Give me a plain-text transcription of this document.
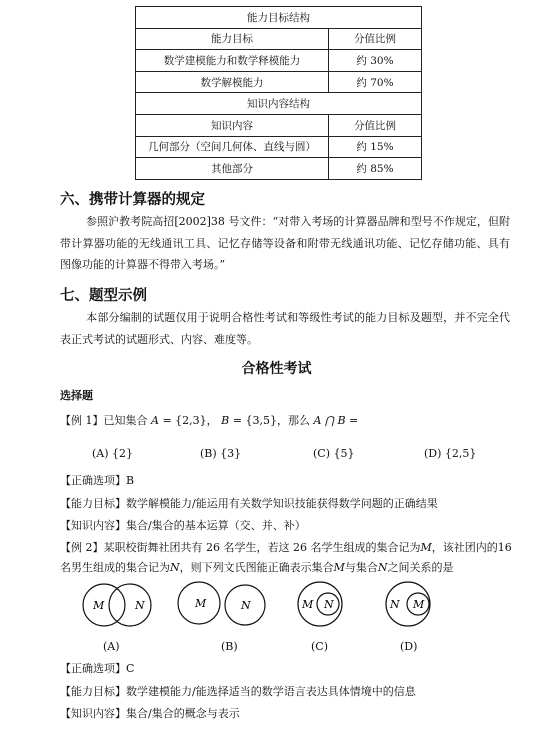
能力目标结构	
能力目标	分值比例
数学建模能力和数学释模能力	约 30%
数学解模能力	约 70%
知识内容结构	
知识内容	分值比例
几何部分（空间几何体、直线与圆）	约 15%
其他部分	约 85%
六、携带计算器的规定

参照沪教考院高招[2002]38 号文件：“对带入考场的计算器品牌和型号不作规定，但附带计算器功能的无线通讯工具、记忆存储等设备和附带无线通讯功能、记忆存储功能、具有图像功能的计算器不得带入考场。”

七、题型示例

本部分编制的试题仅用于说明合格性考试和等级性考试的能力目标及题型，并不完全代表正式考试的试题形式、内容、难度等。

合格性考试
选择题
【例 1】已知集合 A = {2,3}， B = {3,5}，那么 A ⋂ B =
(A) {2}	(B) {3}	(C) {5}	(D) {2,5}
【正确选项】B
【能力目标】数学解模能力/能运用有关数学知识技能获得数学问题的正确结果
【知识内容】集合/集合的基本运算（交、并、补）
【例 2】某职校街舞社团共有 26 名学生，若这 26 名学生组成的集合记为M，该社团内的16
名男生组成的集合记为N，则下列文氏图能正确表示集合M与集合N之间关系的是
M	N	M	N	M N	N M
(A)	(B)	(C)	(D)
【正确选项】C
【能力目标】数学建模能力/能选择适当的数学语言表达具体情境中的信息
【知识内容】集合/集合的概念与表示
